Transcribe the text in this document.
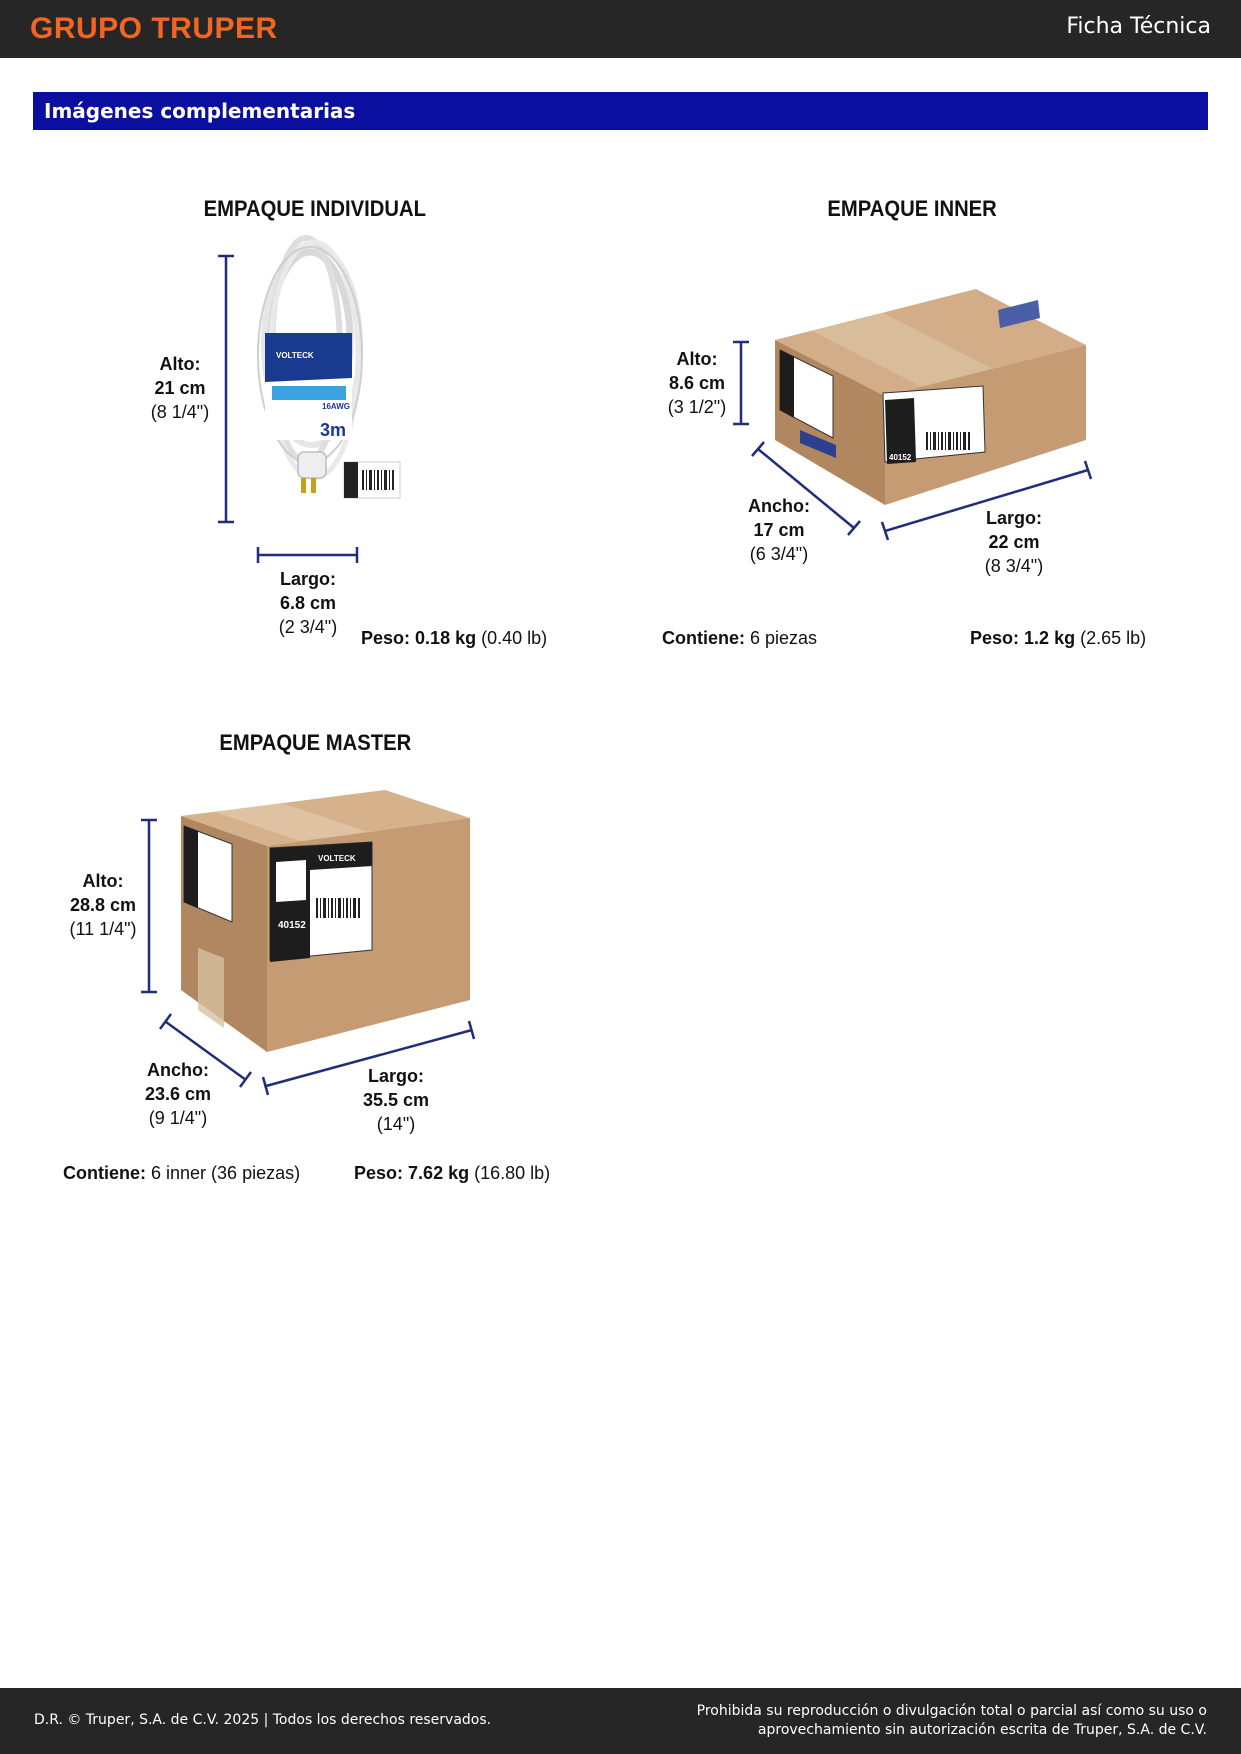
GRUPO TRUPER	Ficha Técnica
Imágenes complementarias
VOLTECK
16AWG
3m
40152
VOLTECK
40152
EMPAQUE INDIVIDUAL
Alto:
21 cm
(8 1/4")
Largo:
6.8 cm
(2 3/4")
Peso: 0.18 kg (0.40 lb)
EMPAQUE INNER
Alto:
8.6 cm
(3 1/2")
Ancho:
17 cm
(6 3/4")
Largo:
22 cm
(8 3/4")
Contiene: 6 piezas	Peso: 1.2 kg (2.65 lb)
EMPAQUE MASTER
Alto:
28.8 cm
(11 1/4")
Ancho:
23.6 cm
(9 1/4")
Largo:
35.5 cm
(14")
Contiene: 6 inner (36 piezas)	Peso: 7.62 kg (16.80 lb)
D.R. © Truper, S.A. de C.V. 2025 | Todos los derechos reservados.
Prohibida su reproducción o divulgación total o parcial así como su uso o
aprovechamiento sin autorización escrita de Truper, S.A. de C.V.
